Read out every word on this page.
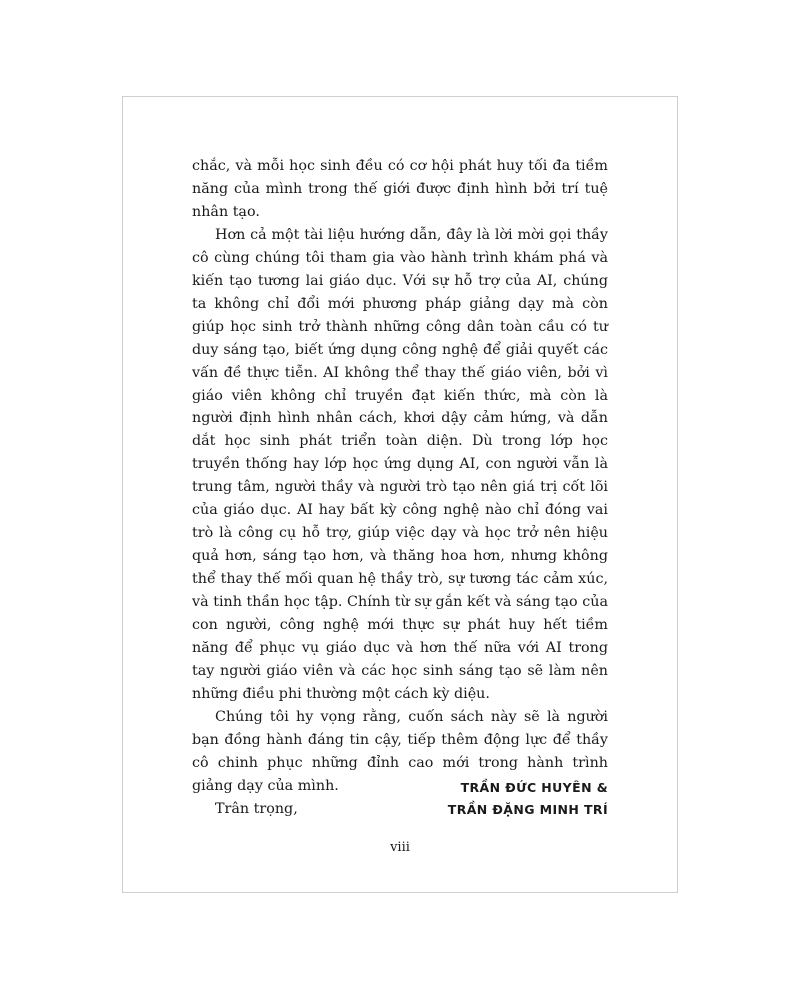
chắc, và mỗi học sinh đều có cơ hội phát huy tối đa tiềm năng của mình trong thế giới được định hình bởi trí tuệ nhân tạo.

Hơn cả một tài liệu hướng dẫn, đây là lời mời gọi thầy cô cùng chúng tôi tham gia vào hành trình khám phá và kiến tạo tương lai giáo dục. Với sự hỗ trợ của AI, chúng ta không chỉ đổi mới phương pháp giảng dạy mà còn giúp học sinh trở thành những công dân toàn cầu có tư duy sáng tạo, biết ứng dụng công nghệ để giải quyết các vấn đề thực tiễn. AI không thể thay thế giáo viên, bởi vì giáo viên không chỉ truyền đạt kiến thức, mà còn là người định hình nhân cách, khơi dậy cảm hứng, và dẫn dắt học sinh phát triển toàn diện. Dù trong lớp học truyền thống hay lớp học ứng dụng AI, con người vẫn là trung tâm, người thầy và người trò tạo nên giá trị cốt lõi của giáo dục. AI hay bất kỳ công nghệ nào chỉ đóng vai trò là công cụ hỗ trợ, giúp việc dạy và học trở nên hiệu quả hơn, sáng tạo hơn, và thăng hoa hơn, nhưng không thể thay thế mối quan hệ thầy trò, sự tương tác cảm xúc, và tinh thần học tập. Chính từ sự gắn kết và sáng tạo của con người, công nghệ mới thực sự phát huy hết tiềm năng để phục vụ giáo dục và hơn thế nữa với AI trong tay người giáo viên và các học sinh sáng tạo sẽ làm nên những điều phi thường một cách kỳ diệu.

Chúng tôi hy vọng rằng, cuốn sách này sẽ là người bạn đồng hành đáng tin cậy, tiếp thêm động lực để thầy cô chinh phục những đỉnh cao mới trong hành trình giảng dạy của mình.

Trân trọng,

TRẦN ĐỨC HUYÊN &
TRẦN ĐẶNG MINH TRÍ
viii
